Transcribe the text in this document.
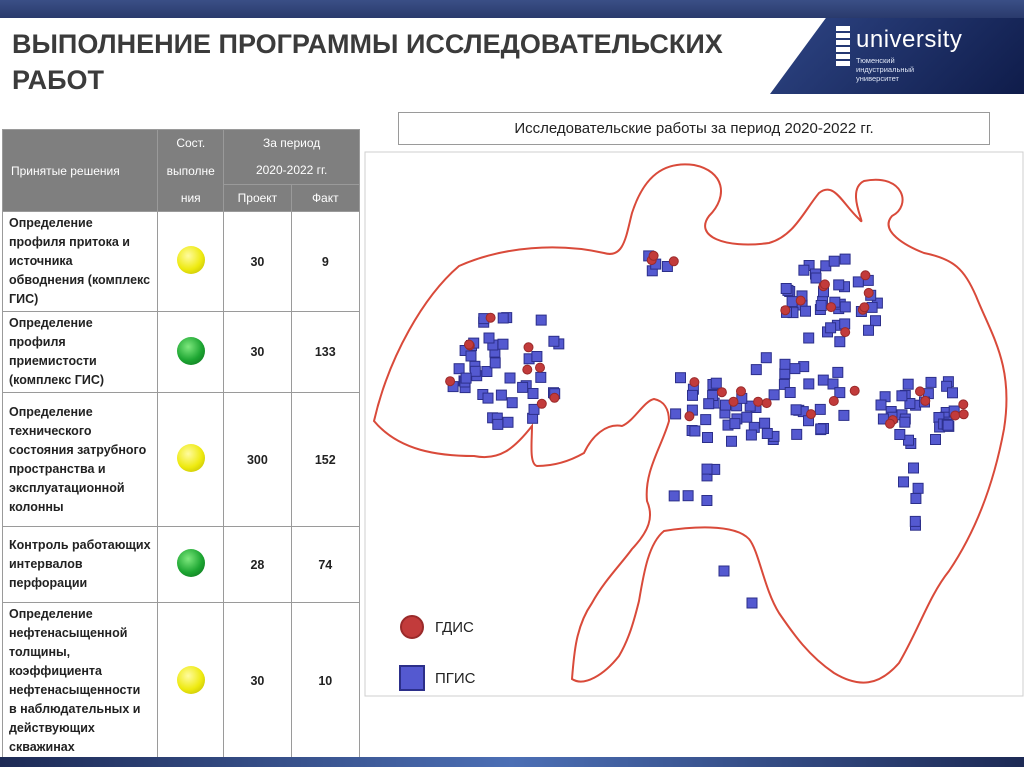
university
Тюменский индустриальный университет
ВЫПОЛНЕНИЕ ПРОГРАММЫ ИССЛЕДОВАТЕЛЬСКИХ РАБОТ
Принятые решения	Сост.	За период	
	выполне	2020-2022 гг.	
	ния	Проект	Факт
Определение профиля притока и источника обводнения (комплекс ГИС)		30	9
Определение профиля приемистости (комплекс ГИС)		30	133
Определение технического состояния затрубного пространства и эксплуатационной колонны		300	152
Контроль работающих интервалов перфорации		28	74
Определение нефтенасыщенной толщины, коэффициента нефтенасыщенности в наблюдательных и действующих скважинах		30	10
Исследовательские работы за период 2020-2022 гг.
ГДИС
ПГИС
